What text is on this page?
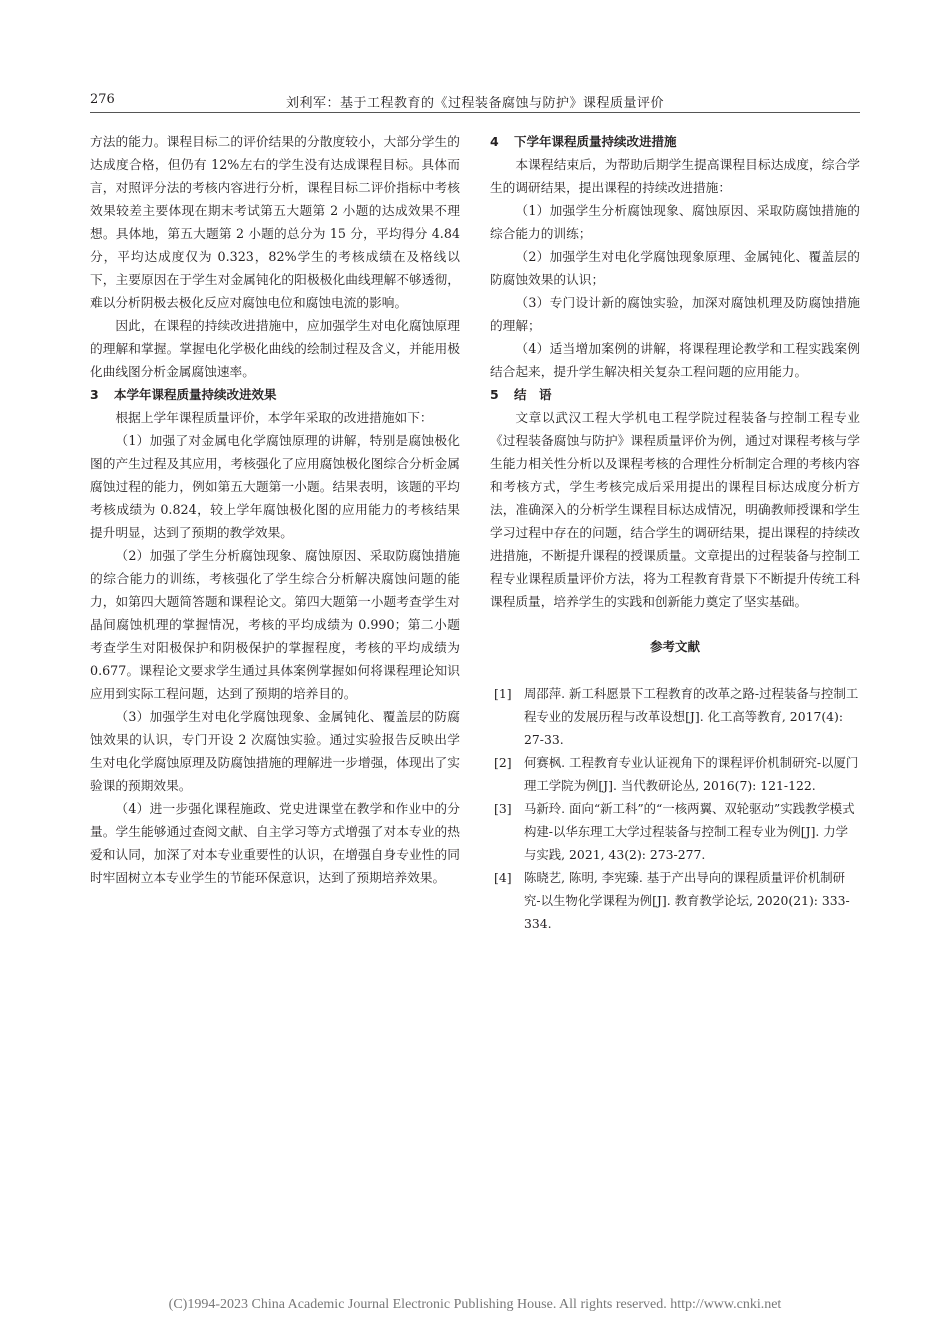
276	刘利军：基于工程教育的《过程装备腐蚀与防护》课程质量评价

方法的能力。课程目标二的评价结果的分散度较小，大部分学生的达成度合格，但仍有 12%左右的学生没有达成课程目标。具体而言，对照评分法的考核内容进行分析，课程目标二评价指标中考核效果较差主要体现在期末考试第五大题第 2 小题的达成效果不理想。具体地，第五大题第 2 小题的总分为 15 分，平均得分 4.84 分，平均达成度仅为 0.323，82%学生的考核成绩在及格线以下，主要原因在于学生对金属钝化的阳极极化曲线理解不够透彻，难以分析阴极去极化反应对腐蚀电位和腐蚀电流的影响。

因此，在课程的持续改进措施中，应加强学生对电化腐蚀原理的理解和掌握。掌握电化学极化曲线的绘制过程及含义，并能用极化曲线图分析金属腐蚀速率。

3 本学年课程质量持续改进效果

根据上学年课程质量评价，本学年采取的改进措施如下：

（1）加强了对金属电化学腐蚀原理的讲解，特别是腐蚀极化图的产生过程及其应用，考核强化了应用腐蚀极化图综合分析金属腐蚀过程的能力，例如第五大题第一小题。结果表明，该题的平均考核成绩为 0.824，较上学年腐蚀极化图的应用能力的考核结果提升明显，达到了预期的教学效果。

（2）加强了学生分析腐蚀现象、腐蚀原因、采取防腐蚀措施的综合能力的训练，考核强化了学生综合分析解决腐蚀问题的能力，如第四大题简答题和课程论文。第四大题第一小题考查学生对晶间腐蚀机理的掌握情况，考核的平均成绩为 0.990；第二小题考查学生对阳极保护和阴极保护的掌握程度，考核的平均成绩为 0.677。课程论文要求学生通过具体案例掌握如何将课程理论知识应用到实际工程问题，达到了预期的培养目的。

（3）加强学生对电化学腐蚀现象、金属钝化、覆盖层的防腐蚀效果的认识，专门开设 2 次腐蚀实验。通过实验报告反映出学生对电化学腐蚀原理及防腐蚀措施的理解进一步增强，体现出了实验课的预期效果。

（4）进一步强化课程施政、党史进课堂在教学和作业中的分量。学生能够通过查阅文献、自主学习等方式增强了对本专业的热爱和认同，加深了对本专业重要性的认识，在增强自身专业性的同时牢固树立本专业学生的节能环保意识，达到了预期培养效果。

4 下学年课程质量持续改进措施

本课程结束后，为帮助后期学生提高课程目标达成度，综合学生的调研结果，提出课程的持续改进措施：

（1）加强学生分析腐蚀现象、腐蚀原因、采取防腐蚀措施的综合能力的训练；

（2）加强学生对电化学腐蚀现象原理、金属钝化、覆盖层的防腐蚀效果的认识；

（3）专门设计新的腐蚀实验，加深对腐蚀机理及防腐蚀措施的理解；

（4）适当增加案例的讲解，将课程理论教学和工程实践案例结合起来，提升学生解决相关复杂工程问题的应用能力。

5 结　语

文章以武汉工程大学机电工程学院过程装备与控制工程专业《过程装备腐蚀与防护》课程质量评价为例，通过对课程考核与学生能力相关性分析以及课程考核的合理性分析制定合理的考核内容和考核方式，学生考核完成后采用提出的课程目标达成度分析方法，准确深入的分析学生课程目标达成情况，明确教师授课和学生学习过程中存在的问题，结合学生的调研结果，提出课程的持续改进措施，不断提升课程的授课质量。文章提出的过程装备与控制工程专业课程质量评价方法，将为工程教育背景下不断提升传统工科课程质量，培养学生的实践和创新能力奠定了坚实基础。

参考文献
[1] 周邵萍. 新工科愿景下工程教育的改革之路-过程装备与控制工程专业的发展历程与改革设想[J]. 化工高等教育, 2017(4): 27-33.
[2] 何赛枫. 工程教育专业认证视角下的课程评价机制研究-以厦门理工学院为例[J]. 当代教研论丛, 2016(7): 121-122.
[3] 马新玲. 面向“新工科”的“一核两翼、双轮驱动”实践教学模式构建-以华东理工大学过程装备与控制工程专业为例[J]. 力学与实践, 2021, 43(2): 273-277.
[4] 陈晓艺, 陈明, 李宪臻. 基于产出导向的课程质量评价机制研究-以生物化学课程为例[J]. 教育教学论坛, 2020(21): 333-334.
(C)1994-2023 China Academic Journal Electronic Publishing House. All rights reserved. http://www.cnki.net
